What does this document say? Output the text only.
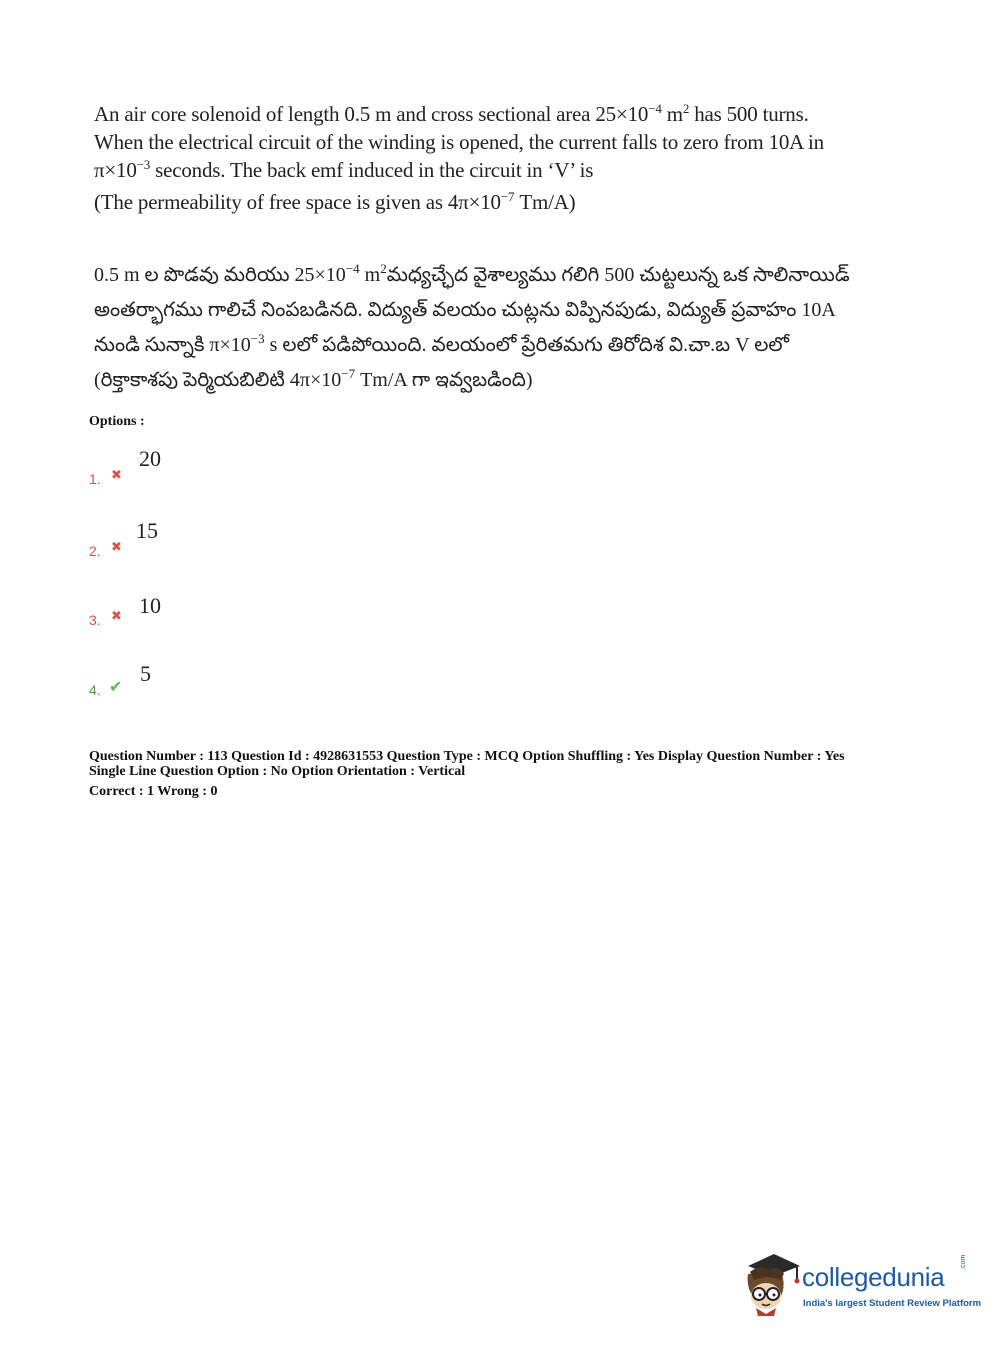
An air core solenoid of length 0.5 m and cross sectional area $25\times 10^{-4}$ $m^2$ has 500 turns.
When the electrical circuit of the winding is opened, the current falls to zero from 10A in
$\pi\times 10^{-3}$ seconds. The back emf induced in the circuit in ‘V’ is
(The permeability of free space is given as $4\pi\times 10^{-7}$ Tm/A)
0.5 m ల పొడవు మరియు $25\times 10^{-4}$ $m^2మధ్యచ్ఛేద$ వైశాల్యము గలిగి 500 చుట్టలున్న ఒక సాలినాయిడ్
అంతర్భాగము గాలిచే నింపబడినది. విద్యుత్ వలయం చుట్లను విప్పినపుడు, విద్యుత్ ప్రవాహం 10A
నుండి సున్నాకి $\pi\times 10^{-3}$ s లలో పడిపోయింది. వలయంలో ప్రేరితమగు తిరోదిశ వి.చా.బ V లలో
(రిక్తాకాశపు పెర్మియబిలిటి $4\pi\times 10^{-7}$ Tm/A గా ఇవ్వబడింది)
Options :
1. ✖
20
2. ✖
15
3. ✖ 10
4. ✔
5
Question Number : 113 Question Id : 4928631553 Question Type : MCQ Option Shuffling : Yes Display Question Number : Yes
Single Line Question Option : No Option Orientation : Vertical
Correct : 1 Wrong : 0
collegedunia .com
India's largest Student Review Platform
